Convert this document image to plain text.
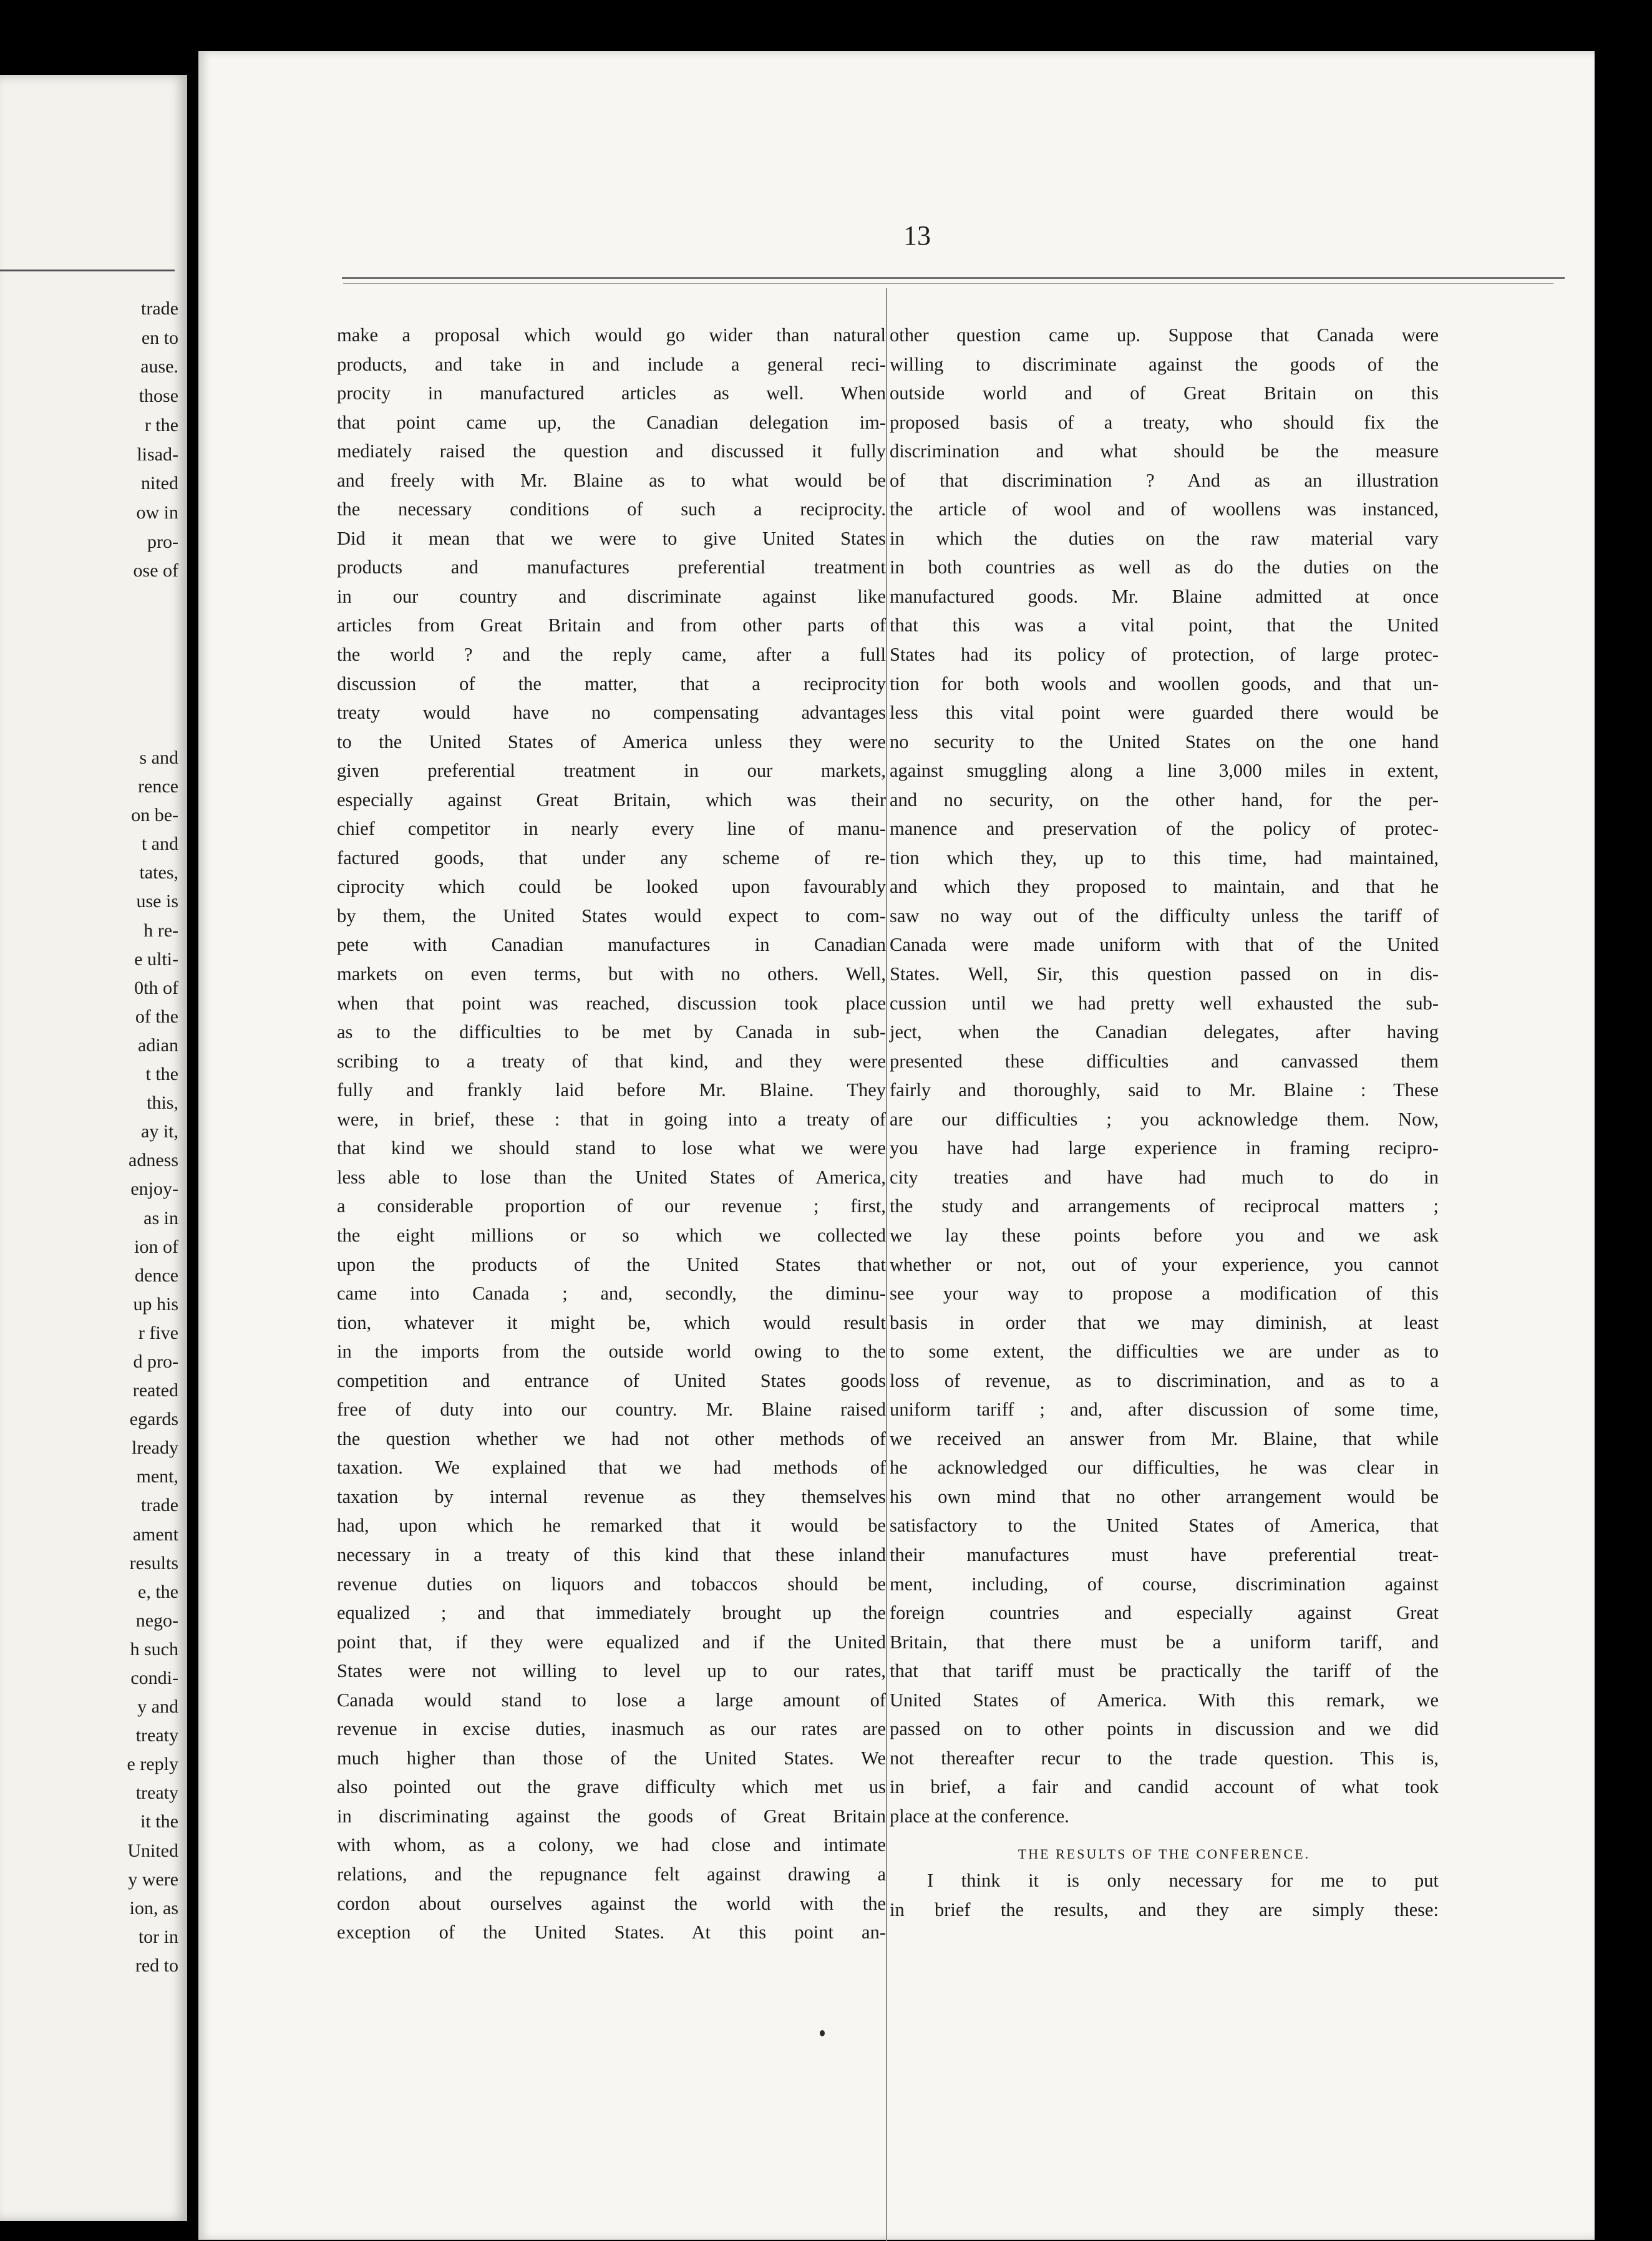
trade
en to
ause.
those
r the
lisad-
nited
ow in
pro-
ose of
s and
rence
on be-
t and
tates,
use is
h re-
e ulti-
0th of
of the
adian
t the
this,
ay it,
adness
enjoy-
as in
ion of
dence
up his
r five
d pro-
reated
egards
lready
ment,
trade
ament
results
e, the
nego-
h such
condi-
y and
treaty
e reply
treaty
it the
United
y were
ion, as
tor in
red to
13
make a proposal which would go wider than natural
products, and take in and include a general reci-
procity in manufactured articles as well. When
that point came up, the Canadian delegation im-
mediately raised the question and discussed it fully
and freely with Mr. Blaine as to what would be
the necessary conditions of such a reciprocity.
Did it mean that we were to give United States
products and manufactures preferential treatment
in our country and discriminate against like
articles from Great Britain and from other parts of
the world ? and the reply came, after a full
discussion of the matter, that a reciprocity
treaty would have no compensating advantages
to the United States of America unless they were
given preferential treatment in our markets,
especially against Great Britain, which was their
chief competitor in nearly every line of manu-
factured goods, that under any scheme of re-
ciprocity which could be looked upon favourably
by them, the United States would expect to com-
pete with Canadian manufactures in Canadian
markets on even terms, but with no others. Well,
when that point was reached, discussion took place
as to the difficulties to be met by Canada in sub-
scribing to a treaty of that kind, and they were
fully and frankly laid before Mr. Blaine. They
were, in brief, these : that in going into a treaty of
that kind we should stand to lose what we were
less able to lose than the United States of America,
a considerable proportion of our revenue ; first,
the eight millions or so which we collected
upon the products of the United States that
came into Canada ; and, secondly, the diminu-
tion, whatever it might be, which would result
in the imports from the outside world owing to the
competition and entrance of United States goods
free of duty into our country. Mr. Blaine raised
the question whether we had not other methods of
taxation. We explained that we had methods of
taxation by internal revenue as they themselves
had, upon which he remarked that it would be
necessary in a treaty of this kind that these inland
revenue duties on liquors and tobaccos should be
equalized ; and that immediately brought up the
point that, if they were equalized and if the United
States were not willing to level up to our rates,
Canada would stand to lose a large amount of
revenue in excise duties, inasmuch as our rates are
much higher than those of the United States. We
also pointed out the grave difficulty which met us
in discriminating against the goods of Great Britain
with whom, as a colony, we had close and intimate
relations, and the repugnance felt against drawing a
cordon about ourselves against the world with the
exception of the United States. At this point an-
other question came up. Suppose that Canada were
willing to discriminate against the goods of the
outside world and of Great Britain on this
proposed basis of a treaty, who should fix the
discrimination and what should be the measure
of that discrimination ? And as an illustration
the article of wool and of woollens was instanced,
in which the duties on the raw material vary
in both countries as well as do the duties on the
manufactured goods. Mr. Blaine admitted at once
that this was a vital point, that the United
States had its policy of protection, of large protec-
tion for both wools and woollen goods, and that un-
less this vital point were guarded there would be
no security to the United States on the one hand
against smuggling along a line 3,000 miles in extent,
and no security, on the other hand, for the per-
manence and preservation of the policy of protec-
tion which they, up to this time, had maintained,
and which they proposed to maintain, and that he
saw no way out of the difficulty unless the tariff of
Canada were made uniform with that of the United
States. Well, Sir, this question passed on in dis-
cussion until we had pretty well exhausted the sub-
ject, when the Canadian delegates, after having
presented these difficulties and canvassed them
fairly and thoroughly, said to Mr. Blaine : These
are our difficulties ; you acknowledge them. Now,
you have had large experience in framing recipro-
city treaties and have had much to do in
the study and arrangements of reciprocal matters ;
we lay these points before you and we ask
whether or not, out of your experience, you cannot
see your way to propose a modification of this
basis in order that we may diminish, at least
to some extent, the difficulties we are under as to
loss of revenue, as to discrimination, and as to a
uniform tariff ; and, after discussion of some time,
we received an answer from Mr. Blaine, that while
he acknowledged our difficulties, he was clear in
his own mind that no other arrangement would be
satisfactory to the United States of America, that
their manufactures must have preferential treat-
ment, including, of course, discrimination against
foreign countries and especially against Great
Britain, that there must be a uniform tariff, and
that that tariff must be practically the tariff of the
United States of America. With this remark, we
passed on to other points in discussion and we did
not thereafter recur to the trade question. This is,
in brief, a fair and candid account of what took
place at the conference.
THE RESULTS OF THE CONFERENCE.
I think it is only necessary for me to put
in brief the results, and they are simply these:
